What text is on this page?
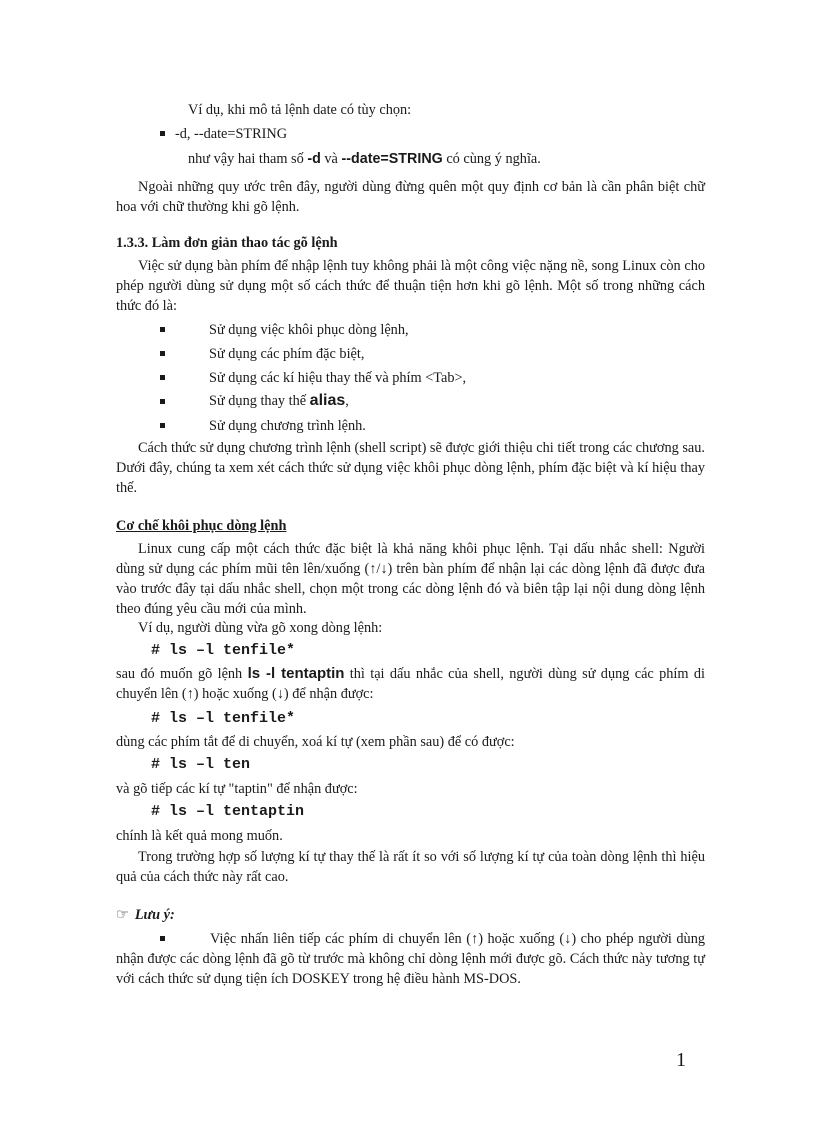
Ví dụ, khi mô tả lệnh date có tùy chọn:
-d, --date=STRING
như vậy hai tham số -d và --date=STRING có cùng ý nghĩa.
Ngoài những quy ước trên đây, người dùng đừng quên một quy định cơ bản là cần phân biệt chữ hoa với chữ thường khi gõ lệnh.
1.3.3. Làm đơn giản thao tác gõ lệnh
Việc sử dụng bàn phím để nhập lệnh tuy không phải là một công việc nặng nề, song Linux còn cho phép người dùng sử dụng một số cách thức để thuận tiện hơn khi gõ lệnh. Một số trong những cách thức đó là:
Sử dụng việc khôi phục dòng lệnh,
Sử dụng các phím đặc biệt,
Sử dụng các kí hiệu thay thế và phím <Tab>,
Sử dụng thay thế alias,
Sử dụng chương trình lệnh.
Cách thức sử dụng chương trình lệnh (shell script) sẽ được giới thiệu chi tiết trong các chương sau. Dưới đây, chúng ta xem xét cách thức sử dụng việc khôi phục dòng lệnh, phím đặc biệt và kí hiệu thay thế.
Cơ chế khôi phục dòng lệnh
Linux cung cấp một cách thức đặc biệt là khả năng khôi phục lệnh. Tại dấu nhắc shell: Người dùng sử dụng các phím mũi tên lên/xuống (↑/↓) trên bàn phím để nhận lại các dòng lệnh đã được đưa vào trước đây tại dấu nhắc shell, chọn một trong các dòng lệnh đó và biên tập lại nội dung dòng lệnh theo đúng yêu cầu mới của mình.
Ví dụ, người dùng vừa gõ xong dòng lệnh:
# ls –l tenfile*
sau đó muốn gõ lệnh ls -l tentaptin thì tại dấu nhắc của shell, người dùng sử dụng các phím di chuyển lên (↑) hoặc xuống (↓) để nhận được:
# ls –l tenfile*
dùng các phím tắt để di chuyển, xoá kí tự (xem phần sau) để có được:
# ls –l ten
và gõ tiếp các kí tự "taptin" để nhận được:
# ls –l tentaptin
chính là kết quả mong muốn.
Trong trường hợp số lượng kí tự thay thế là rất ít so với số lượng kí tự của toàn dòng lệnh thì hiệu quả của cách thức này rất cao.
☞ Lưu ý:
Việc nhấn liên tiếp các phím di chuyển lên (↑) hoặc xuống (↓) cho phép người dùng nhận được các dòng lệnh đã gõ từ trước mà không chỉ dòng lệnh mới được gõ. Cách thức này tương tự với cách thức sử dụng tiện ích DOSKEY trong hệ điều hành MS-DOS.
1
